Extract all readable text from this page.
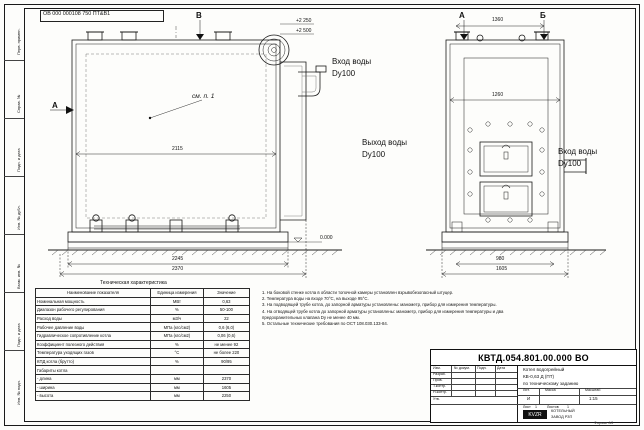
Перв. примен.
Справ. №
Подп. и дата
Инв. № дубл.
Взам. инв. №
Подп. и дата
Инв. № подп.
ОВ 000 000108 750 ПТ&В1
2115
2245
2370
В
А
+2 250
+2 500
0.000
см. п. 1
Вход воды
Dy100
Выход воды
Dy100
1360
1260
980
1605
А	Б
Вход воды
Dy100
Техническая характеристика
Наименование показателя	Единица измерения	Значение
Номинальная мощность	МВт	0,63
Диапазон рабочего регулирования	%	50-100
Расход воды	м3/ч	22
Рабочее давление воды	МПа (кгс/см2)	0,6 (6,0)
Гидравлическое сопротивление котла	МПа (кгс/см2)	0,06 (0,6)
Коэффициент полезного действия	%	не менее 92
Температура уходящих газов	°С	не более 220
КПД котла (брутто)	%	90/95
Габариты котла		
- длина	мм	2370
- ширина	мм	1605
- высота	мм	2250
1. На боковой стенке котла в области топочной камеры установлен взрывобезопасный штуцер.
2. Температура воды на входе 70°С, на выходе 95°С.
3. На подводящей трубе котла, до запорной арматуры установлены: манометр, прибор для измерения температуры.
4. На отводящей трубе котла до запорной арматуры установлены: манометр, прибор для измерения температуры и два предохранительных клапана Dу не менее 40 мм.
5. Остальные технические требования по ОСТ 108.030.133-84.
КВТД.054.801.00.000 ВО
Изм.	№ докум. Подп.	Дата
Разраб.
Пров.
Т.контр.
Н.контр.
Утв.
Котел водогрейный
КВ-0,63 Д (ПТ)
по техническому заданию
Лит.	Масса	Масштаб
И	1:15
Лист 1	Листов 1
KVZR
КОТЕЛЬНЫЙ
ЗАВОД РЗП
Формат A3
